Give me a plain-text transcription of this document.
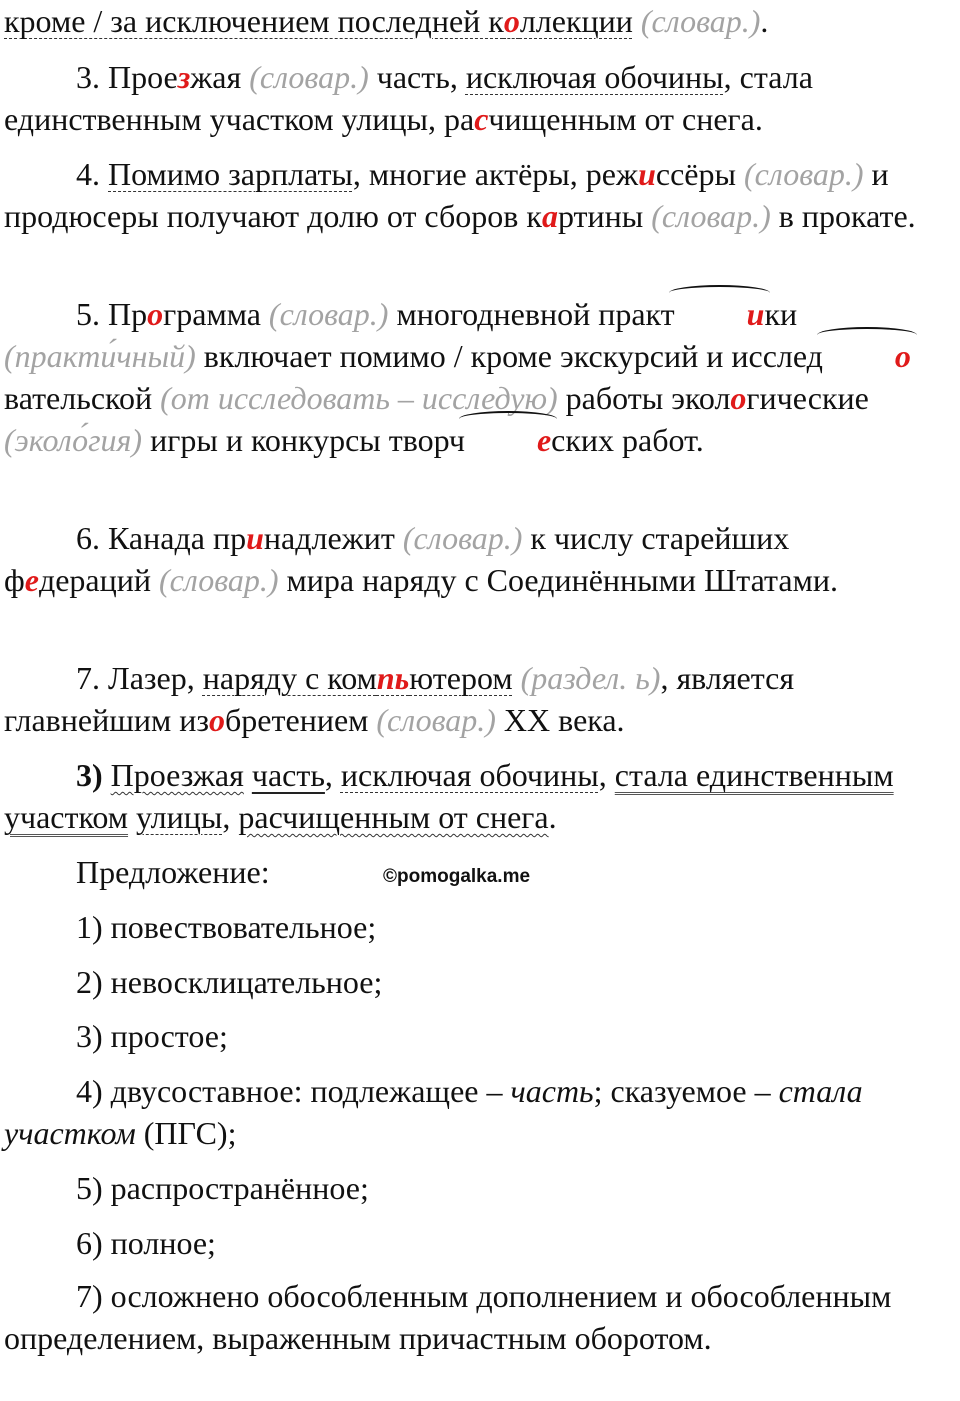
кроме / за исключением последней коллекции (словар.).

3. Проезжая (словар.) часть, исключая обочины, стала единственным участком улицы, расчищенным от снега.

4. Помимо зарплаты, многие актёры, режиссёры (словар.) и продюсеры получают долю от сборов картины (словар.) в прокате.

5. Программа (словар.) многодневной практ ики (практи́чный) включает помимо / кроме экскурсий и исслед овательской (от исследовать – исследую) работы экологические (эколо́гия) игры и конкурсы творч еских работ.

6. Канада принадлежит (словар.) к числу старейших федераций (словар.) мира наряду с Соединёнными Штатами.

7. Лазер, наряду с компьютером (раздел. ь), является главнейшим изобретением (словар.) XX века.

3) Проезжая часть, исключая обочины, стала единственным участком улицы, расчищенным от снега.

Предложение:	©pomogalka.me

1) повествовательное;

2) невосклицательное;

3) простое;

4) двусоставное: подлежащее – часть; сказуемое – стала участком (ПГС);

5) распространённое;

6) полное;

7) осложнено обособленным дополнением и обособленным определением, выраженным причастным оборотом.
